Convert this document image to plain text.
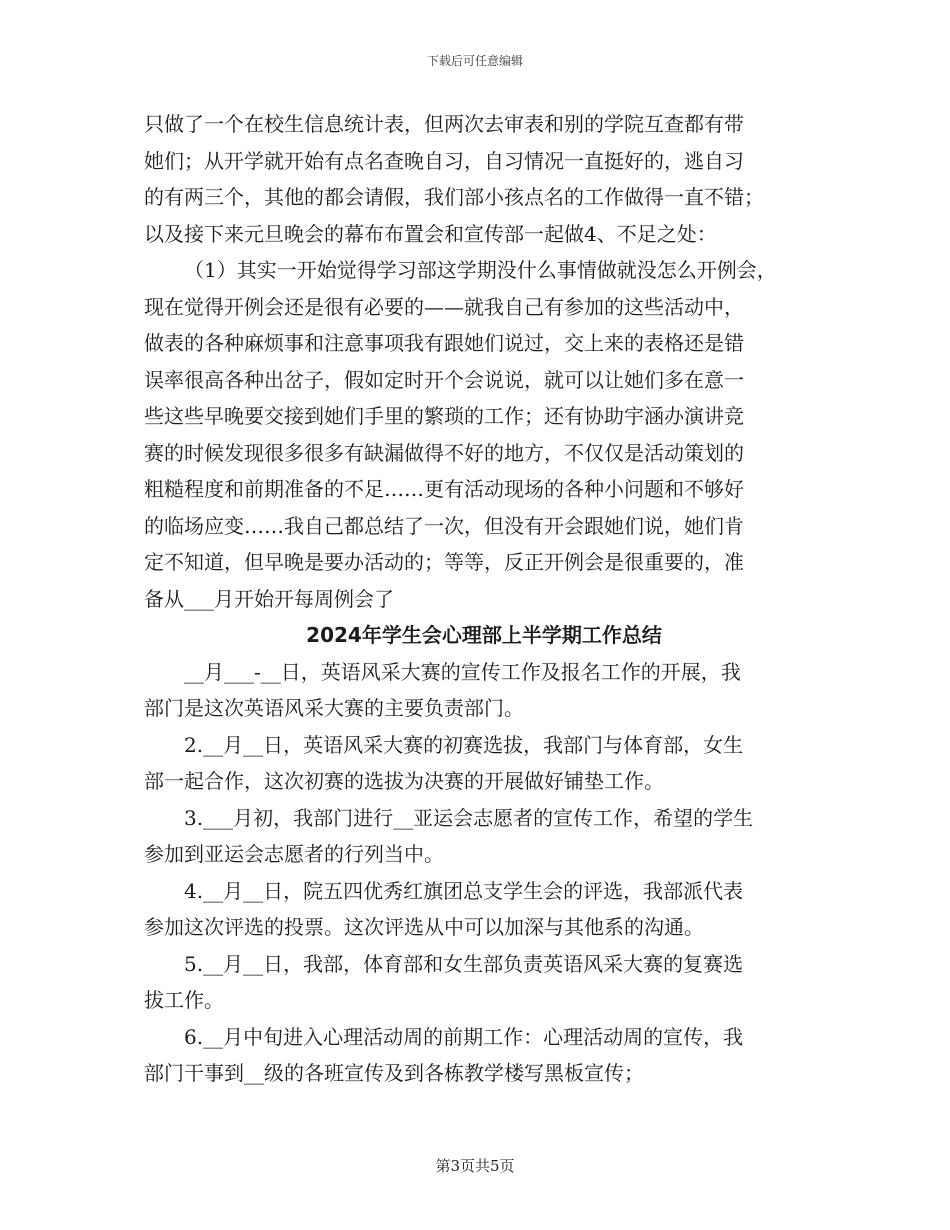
下载后可任意编辑
只做了一个在校生信息统计表，但两次去审表和别的学院互查都有带
她们；从开学就开始有点名查晚自习，自习情况一直挺好的，逃自习
的有两三个，其他的都会请假，我们部小孩点名的工作做得一直不错；
以及接下来元旦晚会的幕布布置会和宣传部一起做4、不足之处：
（1）其实一开始觉得学习部这学期没什么事情做就没怎么开例会，
现在觉得开例会还是很有必要的——就我自己有参加的这些活动中，
做表的各种麻烦事和注意事项我有跟她们说过，交上来的表格还是错
误率很高各种出岔子，假如定时开个会说说，就可以让她们多在意一
些这些早晚要交接到她们手里的繁琐的工作；还有协助宇涵办演讲竞
赛的时候发现很多很多有缺漏做得不好的地方，不仅仅是活动策划的
粗糙程度和前期准备的不足……更有活动现场的各种小问题和不够好
的临场应变……我自己都总结了一次，但没有开会跟她们说，她们肯
定不知道，但早晚是要办活动的；等等，反正开例会是很重要的，准
备从___月开始开每周例会了
2024年学生会心理部上半学期工作总结
__月___-__日，英语风采大赛的宣传工作及报名工作的开展，我
部门是这次英语风采大赛的主要负责部门。
2.__月__日，英语风采大赛的初赛选拔，我部门与体育部，女生
部一起合作，这次初赛的选拔为决赛的开展做好铺垫工作。
3.___月初，我部门进行__亚运会志愿者的宣传工作，希望的学生
参加到亚运会志愿者的行列当中。
4.__月__日，院五四优秀红旗团总支学生会的评选，我部派代表
参加这次评选的投票。这次评选从中可以加深与其他系的沟通。
5.__月__日，我部，体育部和女生部负责英语风采大赛的复赛选
拔工作。
6.__月中旬进入心理活动周的前期工作：心理活动周的宣传，我
部门干事到__级的各班宣传及到各栋教学楼写黑板宣传；
第3页共5页
